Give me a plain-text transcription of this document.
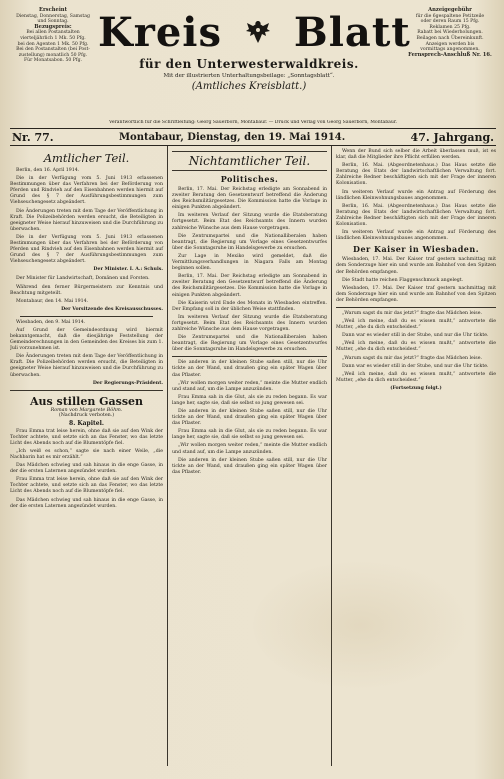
Erscheint
Dienstag, Donnerstag, Samstag
und Sonntag.
Bezugspreis:
Bei allen Postanstalten
vierteljährlich 1 Mk. 50 Pfg.
bei den Agenten 1 Mk. 50 Pfg.
Bei den Postanstalten (bei Post-
zustellung) monatlich 50 Pfg.
Für Monatsabon. 50 Pfg.
Kreis Blatt
für den Unterwesterwaldkreis.
Mit der illustrierten Unterhaltungsbeilage: „Sonntagsblatt“.
(Amtliches Kreisblatt.)
Anzeigegebühr
für die 6gespaltene Petitzeile
oder deren Raum 15 Pfg.
Reklamen 25 Pfg.
Rabatt bei Wiederholungen.
Beilagen nach Übereinkunft.
Anzeigen werden bis
vormittags angenommen.
Fernsprech-Anschluß Nr. 16.
Verantwortlich für die Schriftleitung: Georg Sauerborn, Montabaur. — Druck und Verlag von Georg Sauerborn, Montabaur.
Nr. 77.	Montabaur, Dienstag, den 19. Mai 1914.	47. Jahrgang.
Amtlicher Teil.

Berlin, den 16. April 1914.

Die in der Verfügung vom 5. Juni 1913 erlassenen Bestimmungen über das Verfahren bei der Beförderung von Pferden und Rindvieh auf den Eisenbahnen werden hiermit auf Grund des § 7 der Ausführungsbestimmungen zum Viehseuchengesetz abgeändert.

Die Änderungen treten mit dem Tage der Veröffentlichung in Kraft. Die Polizeibehörden werden ersucht, die Beteiligten in geeigneter Weise hierauf hinzuweisen und die Durchführung zu überwachen.

Die in der Verfügung vom 5. Juni 1913 erlassenen Bestimmungen über das Verfahren bei der Beförderung von Pferden und Rindvieh auf den Eisenbahnen werden hiermit auf Grund des § 7 der Ausführungsbestimmungen zum Viehseuchengesetz abgeändert.

Der Minister. I. A.: Schuls.

Der Minister für Landwirtschaft, Domänen und Forsten.

Während den ferner Bürgermeistern zur Kenntnis und Beachtung mitgeteilt.

Montabaur, den 14. Mai 1914.

Der Vorsitzende des Kreisausschusses.

Wiesbaden, den 9. Mai 1914.

Auf Grund der Gemeindeordnung wird hiermit bekanntgemacht, daß die diesjährige Feststellung der Gemeinderechnungen in den Gemeinden des Kreises bis zum 1. Juli vorzunehmen ist.

Die Änderungen treten mit dem Tage der Veröffentlichung in Kraft. Die Polizeibehörden werden ersucht, die Beteiligten in geeigneter Weise hierauf hinzuweisen und die Durchführung zu überwachen.

Der Regierungs-Präsident.
Aus stillen Gassen
Roman von Margarete Böhm.
(Nachdruck verboten.)
8. Kapitel.

Frau Emma trat leise herein, ohne daß sie auf den Wink der Tochter achtete, und setzte sich an das Fenster, wo das letzte Licht des Abends noch auf die Blumentöpfe fiel.

„Ich weiß es schon,“ sagte sie nach einer Weile, „die Nachbarin hat es mir erzählt.“

Das Mädchen schwieg und sah hinaus in die enge Gasse, in der die ersten Laternen angezündet wurden.

Frau Emma trat leise herein, ohne daß sie auf den Wink der Tochter achtete, und setzte sich an das Fenster, wo das letzte Licht des Abends noch auf die Blumentöpfe fiel.

Das Mädchen schwieg und sah hinaus in die enge Gasse, in der die ersten Laternen angezündet wurden.

Nichtamtlicher Teil.
Politisches.

Berlin, 17. Mai. Der Reichstag erledigte am Sonnabend in zweiter Beratung den Gesetzentwurf betreffend die Änderung des Reichsmilitärgesetzes. Die Kommission hatte die Vorlage in einigen Punkten abgeändert.

Im weiteren Verlauf der Sitzung wurde die Etatsberatung fortgesetzt. Beim Etat des Reichsamts des Innern wurden zahlreiche Wünsche aus dem Hause vorgetragen.

Die Zentrumspartei und die Nationalliberalen haben beantragt, die Regierung um Vorlage eines Gesetzentwurfes über die Sonntagsruhe im Handelsgewerbe zu ersuchen.

Zur Lage in Mexiko wird gemeldet, daß die Vermittlungsverhandlungen in Niagara Falls am Montag beginnen sollen.

Berlin, 17. Mai. Der Reichstag erledigte am Sonnabend in zweiter Beratung den Gesetzentwurf betreffend die Änderung des Reichsmilitärgesetzes. Die Kommission hatte die Vorlage in einigen Punkten abgeändert.

Die Kaiserin wird Ende des Monats in Wiesbaden eintreffen. Der Empfang soll in der üblichen Weise stattfinden.

Im weiteren Verlauf der Sitzung wurde die Etatsberatung fortgesetzt. Beim Etat des Reichsamts des Innern wurden zahlreiche Wünsche aus dem Hause vorgetragen.

Die Zentrumspartei und die Nationalliberalen haben beantragt, die Regierung um Vorlage eines Gesetzentwurfes über die Sonntagsruhe im Handelsgewerbe zu ersuchen.

Die anderen in der kleinen Stube saßen still, nur die Uhr tickte an der Wand, und draußen ging ein später Wagen über das Pflaster.

„Wir wollen morgen weiter reden,“ meinte die Mutter endlich und stand auf, um die Lampe anzuzünden.

Frau Emma sah in die Glut, als sie zu reden begann. Es war lange her, sagte sie, daß sie selbst so jung gewesen sei.

Die anderen in der kleinen Stube saßen still, nur die Uhr tickte an der Wand, und draußen ging ein später Wagen über das Pflaster.

Frau Emma sah in die Glut, als sie zu reden begann. Es war lange her, sagte sie, daß sie selbst so jung gewesen sei.

„Wir wollen morgen weiter reden,“ meinte die Mutter endlich und stand auf, um die Lampe anzuzünden.

Die anderen in der kleinen Stube saßen still, nur die Uhr tickte an der Wand, und draußen ging ein später Wagen über das Pflaster.

Wenn der Bund sich selber die Arbeit überlassen muß, ist es klar, daß die Mitglieder ihre Pflicht erfüllen werden.

Berlin, 16. Mai. (Abgeordnetenhaus.) Das Haus setzte die Beratung des Etats der landwirtschaftlichen Verwaltung fort. Zahlreiche Redner beschäftigten sich mit der Frage der inneren Kolonisation.

Im weiteren Verlauf wurde ein Antrag auf Förderung des ländlichen Kleinwohnungsbaues angenommen.

Berlin, 16. Mai. (Abgeordnetenhaus.) Das Haus setzte die Beratung des Etats der landwirtschaftlichen Verwaltung fort. Zahlreiche Redner beschäftigten sich mit der Frage der inneren Kolonisation.

Im weiteren Verlauf wurde ein Antrag auf Förderung des ländlichen Kleinwohnungsbaues angenommen.

Der Kaiser in Wiesbaden.

Wiesbaden, 17. Mai. Der Kaiser traf gestern nachmittag mit dem Sonderzuge hier ein und wurde am Bahnhof von den Spitzen der Behörden empfangen.

Die Stadt hatte reichen Flaggenschmuck angelegt.

Wiesbaden, 17. Mai. Der Kaiser traf gestern nachmittag mit dem Sonderzuge hier ein und wurde am Bahnhof von den Spitzen der Behörden empfangen.

„Warum sagst du mir das jetzt?“ fragte das Mädchen leise.

„Weil ich meine, daß du es wissen mußt,“ antwortete die Mutter, „ehe du dich entscheidest.“

Dann war es wieder still in der Stube, und nur die Uhr tickte.

„Weil ich meine, daß du es wissen mußt,“ antwortete die Mutter, „ehe du dich entscheidest.“

„Warum sagst du mir das jetzt?“ fragte das Mädchen leise.

Dann war es wieder still in der Stube, und nur die Uhr tickte.

„Weil ich meine, daß du es wissen mußt,“ antwortete die Mutter, „ehe du dich entscheidest.“

(Fortsetzung folgt.)
